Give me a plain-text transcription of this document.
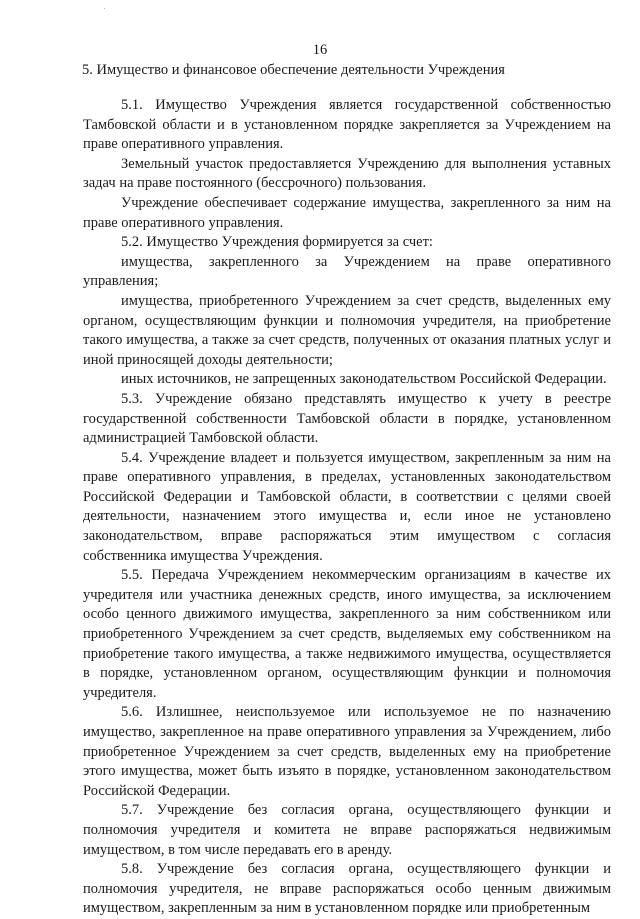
16
5. Имущество и финансовое обеспечение деятельности Учреждения

5.1. Имущество Учреждения является государственной собственностью Тамбовской области и в установленном порядке закрепляется за Учреждением на праве оперативного управления.

Земельный участок предоставляется Учреждению для выполнения уставных задач на праве постоянного (бессрочного) пользования.

Учреждение обеспечивает содержание имущества, закрепленного за ним на праве оперативного управления.

5.2. Имущество Учреждения формируется за счет:

имущества, закрепленного за Учреждением на праве оперативного управления;

имущества, приобретенного Учреждением за счет средств, выделенных ему органом, осуществляющим функции и полномочия учредителя, на приобретение такого имущества, а также за счет средств, полученных от оказания платных услуг и иной приносящей доходы деятельности;

иных источников, не запрещенных законодательством Российской Федерации.

5.3. Учреждение обязано представлять имущество к учету в реестре государственной собственности Тамбовской области в порядке, установленном администрацией Тамбовской области.

5.4. Учреждение владеет и пользуется имуществом, закрепленным за ним на праве оперативного управления, в пределах, установленных законодательством Российской Федерации и Тамбовской области, в соответствии с целями своей деятельности, назначением этого имущества и, если иное не установлено законодательством, вправе распоряжаться этим имуществом с согласия собственника имущества Учреждения.

5.5. Передача Учреждением некоммерческим организациям в качестве их учредителя или участника денежных средств, иного имущества, за исключением особо ценного движимого имущества, закрепленного за ним собственником или приобретенного Учреждением за счет средств, выделяемых ему собственником на приобретение такого имущества, а также недвижимого имущества, осуществляется в порядке, установленном органом, осуществляющим функции и полномочия учредителя.

5.6. Излишнее, неиспользуемое или используемое не по назначению имущество, закрепленное на праве оперативного управления за Учреждением, либо приобретенное Учреждением за счет средств, выделенных ему на приобретение этого имущества, может быть изъято в порядке, установленном законодательством Российской Федерации.

5.7. Учреждение без согласия органа, осуществляющего функции и полномочия учредителя и комитета не вправе распоряжаться недвижимым имуществом, в том числе передавать его в аренду.

5.8. Учреждение без согласия органа, осуществляющего функции и полномочия учредителя, не вправе распоряжаться особо ценным движимым имуществом, закрепленным за ним в установленном порядке или приобретенным
